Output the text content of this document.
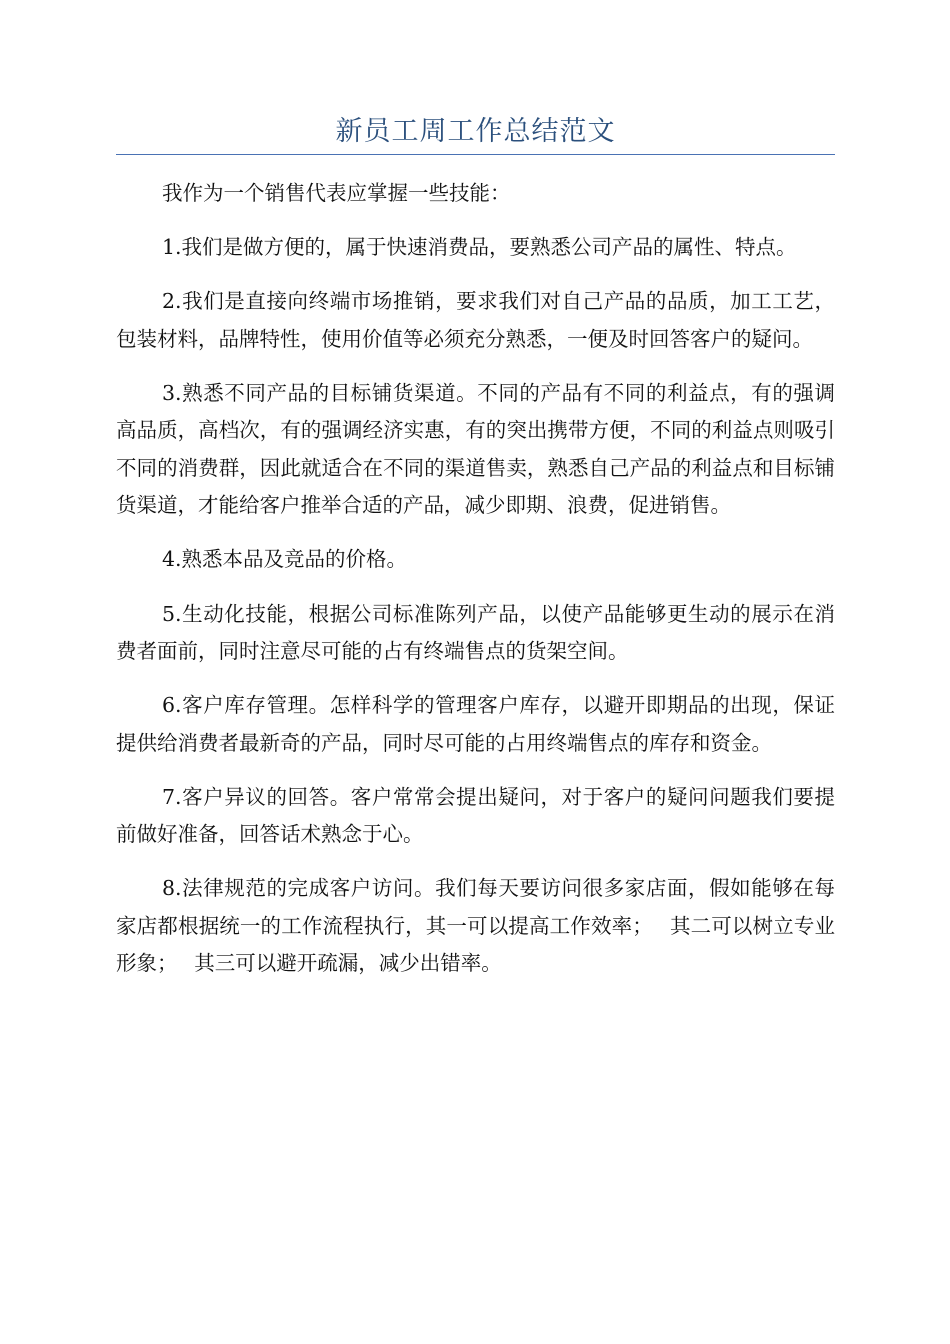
新员工周工作总结范文

我作为一个销售代表应掌握一些技能：

1.我们是做方便的，属于快速消费品，要熟悉公司产品的属性、特点。

2.我们是直接向终端市场推销，要求我们对自己产品的品质，加工工艺，包装材料，品牌特性，使用价值等必须充分熟悉，一便及时回答客户的疑问。

3.熟悉不同产品的目标铺货渠道。不同的产品有不同的利益点，有的强调高品质，高档次，有的强调经济实惠，有的突出携带方便，不同的利益点则吸引不同的消费群，因此就适合在不同的渠道售卖，熟悉自己产品的利益点和目标铺货渠道，才能给客户推举合适的产品，减少即期、浪费，促进销售。

4.熟悉本品及竞品的价格。

5.生动化技能，根据公司标准陈列产品，以使产品能够更生动的展示在消费者面前，同时注意尽可能的占有终端售点的货架空间。

6.客户库存管理。怎样科学的管理客户库存，以避开即期品的出现，保证提供给消费者最新奇的产品，同时尽可能的占用终端售点的库存和资金。

7.客户异议的回答。客户常常会提出疑问，对于客户的疑问问题我们要提前做好准备，回答话术熟念于心。

8.法律规范的完成客户访问。我们每天要访问很多家店面，假如能够在每家店都根据统一的工作流程执行，其一可以提高工作效率；　 其二可以树立专业形象；　 其三可以避开疏漏，减少出错率。
